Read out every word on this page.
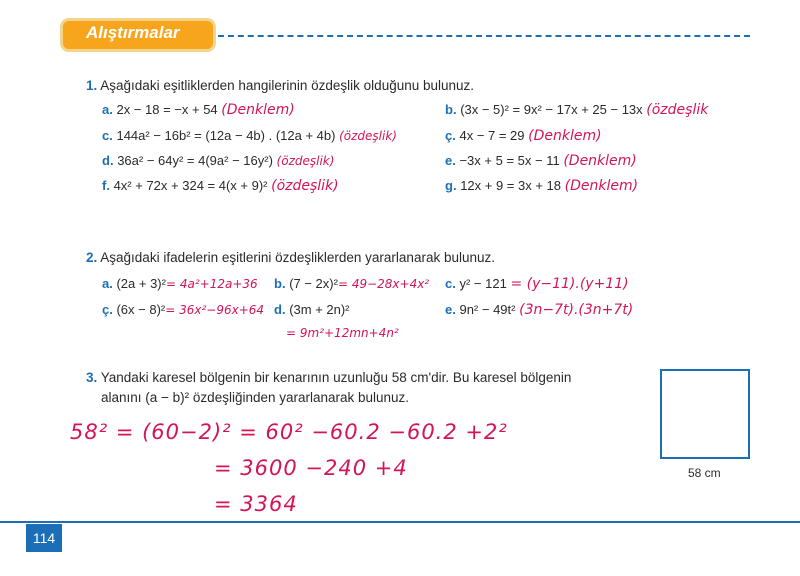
Alıştırmalar
1. Aşağıdaki eşitliklerden hangilerinin özdeşlik olduğunu bulunuz.
a. 2x − 18 = −x + 54 (Denklem)	b. (3x − 5)² = 9x² − 17x + 25 − 13x (özdeşlik
c. 144a² − 16b² = (12a − 4b) . (12a + 4b) (özdeşlik)	ç. 4x − 7 = 29 (Denklem)
d. 36a² − 64y² = 4(9a² − 16y²) (özdeşlik)	e. −3x + 5 = 5x − 11 (Denklem)
f. 4x² + 72x + 324 = 4(x + 9)² (özdeşlik)	g. 12x + 9 = 3x + 18 (Denklem)
2. Aşağıdaki ifadelerin eşitlerini özdeşliklerden yararlanarak bulunuz.
a. (2a + 3)²= 4a²+12a+36 b. (7 − 2x)²= 49−28x+4x² c. y² − 121 = (y−11).(y+11)
ç. (6x − 8)²= 36x²−96x+64 d. (3m + 2n)²
= 9m²+12mn+4n²
e. 9n² − 49t² (3n−7t).(3n+7t)
3. Yandaki karesel bölgenin bir kenarının uzunluğu 58 cm'dir. Bu karesel bölgenin
alanını (a − b)² özdeşliğinden yararlanarak bulunuz.
58 cm
58² = (60−2)² = 60² −60.2 −60.2 +2²
= 3600 −240 +4
= 3364
114
